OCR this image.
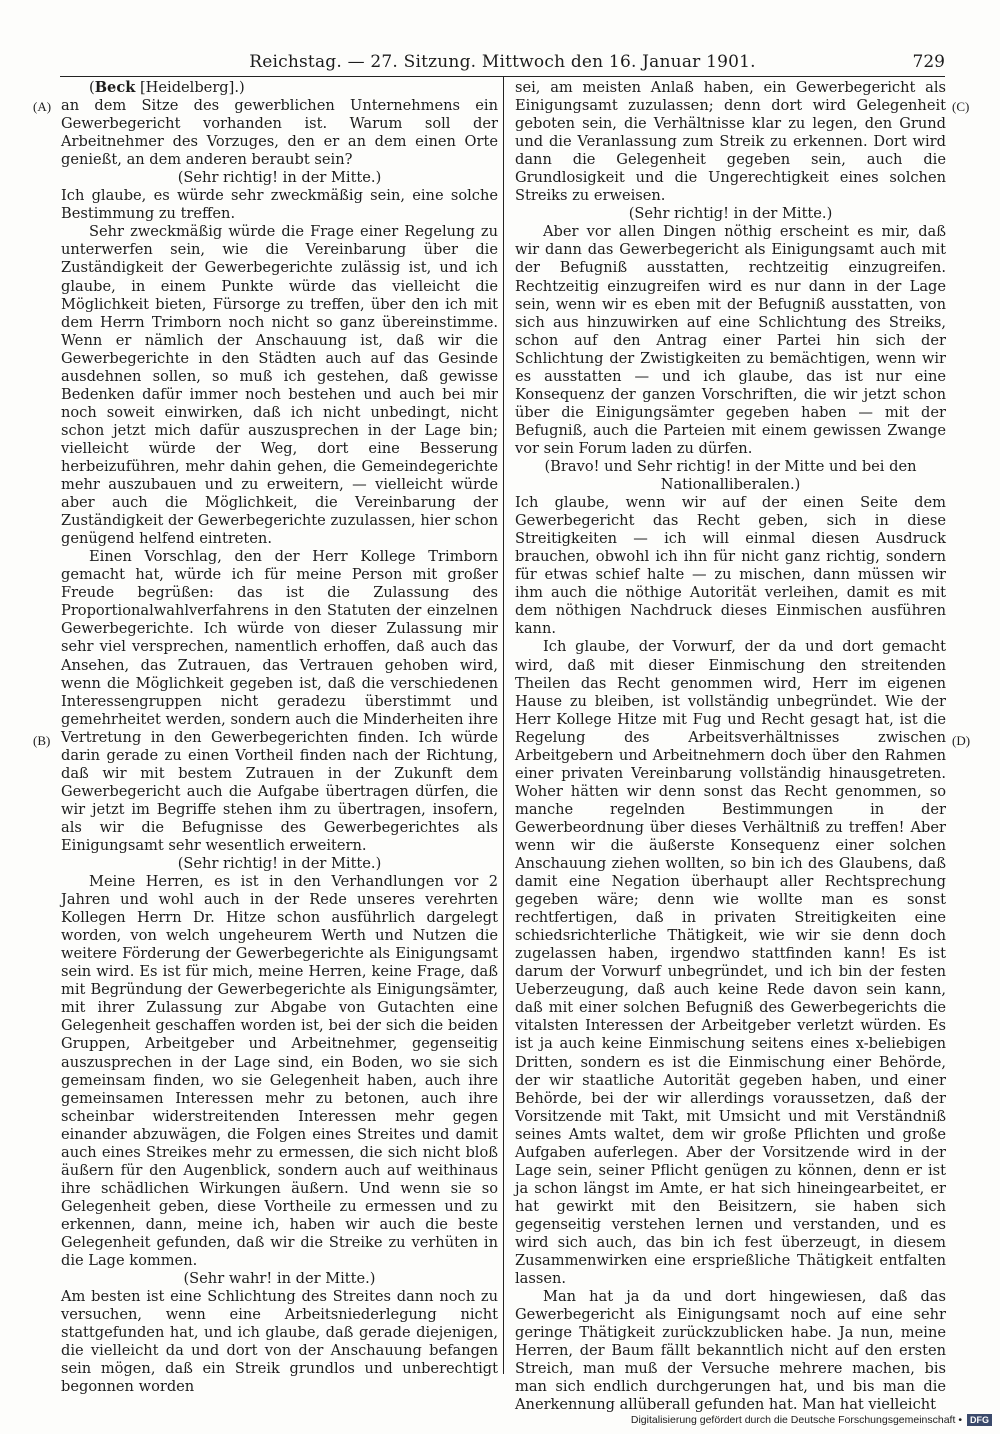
Reichstag. — 27. Sitzung. Mittwoch den 16. Januar 1901.	729
(A)
(B)
(C)
(D)

(Beck [Heidelberg].)

an dem Sitze des gewerblichen Unternehmens ein Gewerbegericht vorhanden ist. Warum soll der Arbeitnehmer des Vorzuges, den er an dem einen Orte genießt, an dem anderen beraubt sein?

(Sehr richtig! in der Mitte.)

Ich glaube, es würde sehr zweckmäßig sein, eine solche Bestimmung zu treffen.

Sehr zweckmäßig würde die Frage einer Regelung zu unterwerfen sein, wie die Vereinbarung über die Zuständigkeit der Gewerbegerichte zulässig ist, und ich glaube, in einem Punkte würde das vielleicht die Möglichkeit bieten, Fürsorge zu treffen, über den ich mit dem Herrn Trimborn noch nicht so ganz übereinstimme. Wenn er nämlich der Anschauung ist, daß wir die Gewerbegerichte in den Städten auch auf das Gesinde ausdehnen sollen, so muß ich gestehen, daß gewisse Bedenken dafür immer noch bestehen und auch bei mir noch soweit einwirken, daß ich nicht unbedingt, nicht schon jetzt mich dafür auszusprechen in der Lage bin; vielleicht würde der Weg, dort eine Besserung herbeizuführen, mehr dahin gehen, die Gemeindegerichte mehr auszubauen und zu erweitern, — vielleicht würde aber auch die Möglichkeit, die Vereinbarung der Zuständigkeit der Gewerbegerichte zuzulassen, hier schon genügend helfend eintreten.

Einen Vorschlag, den der Herr Kollege Trimborn gemacht hat, würde ich für meine Person mit großer Freude begrüßen: das ist die Zulassung des Proportionalwahlverfahrens in den Statuten der einzelnen Gewerbegerichte. Ich würde von dieser Zulassung mir sehr viel versprechen, namentlich erhoffen, daß auch das Ansehen, das Zutrauen, das Vertrauen gehoben wird, wenn die Möglichkeit gegeben ist, daß die verschiedenen Interessengruppen nicht geradezu überstimmt und gemehrheitet werden, sondern auch die Minderheiten ihre Vertretung in den Gewerbegerichten finden. Ich würde darin gerade zu einen Vortheil finden nach der Richtung, daß wir mit bestem Zutrauen in der Zukunft dem Gewerbegericht auch die Aufgabe übertragen dürfen, die wir jetzt im Begriffe stehen ihm zu übertragen, insofern, als wir die Befugnisse des Gewerbegerichtes als Einigungsamt sehr wesentlich erweitern.

(Sehr richtig! in der Mitte.)

Meine Herren, es ist in den Verhandlungen vor 2 Jahren und wohl auch in der Rede unseres verehrten Kollegen Herrn Dr. Hitze schon ausführlich dargelegt worden, von welch ungeheurem Werth und Nutzen die weitere Förderung der Gewerbegerichte als Einigungsamt sein wird. Es ist für mich, meine Herren, keine Frage, daß mit Begründung der Gewerbegerichte als Einigungsämter, mit ihrer Zulassung zur Abgabe von Gutachten eine Gelegenheit geschaffen worden ist, bei der sich die beiden Gruppen, Arbeitgeber und Arbeitnehmer, gegenseitig auszusprechen in der Lage sind, ein Boden, wo sie sich gemeinsam finden, wo sie Gelegenheit haben, auch ihre gemeinsamen Interessen mehr zu betonen, auch ihre scheinbar widerstreitenden Interessen mehr gegen einander abzuwägen, die Folgen eines Streites und damit auch eines Streikes mehr zu ermessen, die sich nicht bloß äußern für den Augenblick, sondern auch auf weithinaus ihre schädlichen Wirkungen äußern. Und wenn sie so Gelegenheit geben, diese Vortheile zu ermessen und zu erkennen, dann, meine ich, haben wir auch die beste Gelegenheit gefunden, daß wir die Streike zu verhüten in die Lage kommen.

(Sehr wahr! in der Mitte.)

Am besten ist eine Schlichtung des Streites dann noch zu versuchen, wenn eine Arbeitsniederlegung nicht stattgefunden hat, und ich glaube, daß gerade diejenigen, die vielleicht da und dort von der Anschauung befangen sein mögen, daß ein Streik grundlos und unberechtigt begonnen worden

sei, am meisten Anlaß haben, ein Gewerbegericht als Einigungsamt zuzulassen; denn dort wird Gelegenheit geboten sein, die Verhältnisse klar zu legen, den Grund und die Veranlassung zum Streik zu erkennen. Dort wird dann die Gelegenheit gegeben sein, auch die Grundlosigkeit und die Ungerechtigkeit eines solchen Streiks zu erweisen.

(Sehr richtig! in der Mitte.)

Aber vor allen Dingen nöthig erscheint es mir, daß wir dann das Gewerbegericht als Einigungsamt auch mit der Befugniß ausstatten, rechtzeitig einzugreifen. Rechtzeitig einzugreifen wird es nur dann in der Lage sein, wenn wir es eben mit der Befugniß ausstatten, von sich aus hinzuwirken auf eine Schlichtung des Streiks, schon auf den Antrag einer Partei hin sich der Schlichtung der Zwistigkeiten zu bemächtigen, wenn wir es ausstatten — und ich glaube, das ist nur eine Konsequenz der ganzen Vorschriften, die wir jetzt schon über die Einigungsämter gegeben haben — mit der Befugniß, auch die Parteien mit einem gewissen Zwange vor sein Forum laden zu dürfen.

(Bravo! und Sehr richtig! in der Mitte und bei den Nationalliberalen.)

Ich glaube, wenn wir auf der einen Seite dem Gewerbegericht das Recht geben, sich in diese Streitigkeiten — ich will einmal diesen Ausdruck brauchen, obwohl ich ihn für nicht ganz richtig, sondern für etwas schief halte — zu mischen, dann müssen wir ihm auch die nöthige Autorität verleihen, damit es mit dem nöthigen Nachdruck dieses Einmischen ausführen kann.

Ich glaube, der Vorwurf, der da und dort gemacht wird, daß mit dieser Einmischung den streitenden Theilen das Recht genommen wird, Herr im eigenen Hause zu bleiben, ist vollständig unbegründet. Wie der Herr Kollege Hitze mit Fug und Recht gesagt hat, ist die Regelung des Arbeitsverhältnisses zwischen Arbeitgebern und Arbeitnehmern doch über den Rahmen einer privaten Vereinbarung vollständig hinausgetreten. Woher hätten wir denn sonst das Recht genommen, so manche regelnden Bestimmungen in der Gewerbeordnung über dieses Verhältniß zu treffen! Aber wenn wir die äußerste Konsequenz einer solchen Anschauung ziehen wollten, so bin ich des Glaubens, daß damit eine Negation überhaupt aller Rechtsprechung gegeben wäre; denn wie wollte man es sonst rechtfertigen, daß in privaten Streitigkeiten eine schiedsrichterliche Thätigkeit, wie wir sie denn doch zugelassen haben, irgendwo stattfinden kann! Es ist darum der Vorwurf unbegründet, und ich bin der festen Ueberzeugung, daß auch keine Rede davon sein kann, daß mit einer solchen Befugniß des Gewerbegerichts die vitalsten Interessen der Arbeitgeber verletzt würden. Es ist ja auch keine Einmischung seitens eines x-beliebigen Dritten, sondern es ist die Einmischung einer Behörde, der wir staatliche Autorität gegeben haben, und einer Behörde, bei der wir allerdings voraussetzen, daß der Vorsitzende mit Takt, mit Umsicht und mit Verständniß seines Amts waltet, dem wir große Pflichten und große Aufgaben auferlegen. Aber der Vorsitzende wird in der Lage sein, seiner Pflicht genügen zu können, denn er ist ja schon längst im Amte, er hat sich hineingearbeitet, er hat gewirkt mit den Beisitzern, sie haben sich gegenseitig verstehen lernen und verstanden, und es wird sich auch, das bin ich fest überzeugt, in diesem Zusammenwirken eine ersprießliche Thätigkeit entfalten lassen.

Man hat ja da und dort hingewiesen, daß das Gewerbegericht als Einigungsamt noch auf eine sehr geringe Thätigkeit zurückzublicken habe. Ja nun, meine Herren, der Baum fällt bekanntlich nicht auf den ersten Streich, man muß der Versuche mehrere machen, bis man sich endlich durchgerungen hat, und bis man die Anerkennung allüberall gefunden hat. Man hat vielleicht

Digitalisierung gefördert durch die Deutsche Forschungsgemeinschaft • DFG
